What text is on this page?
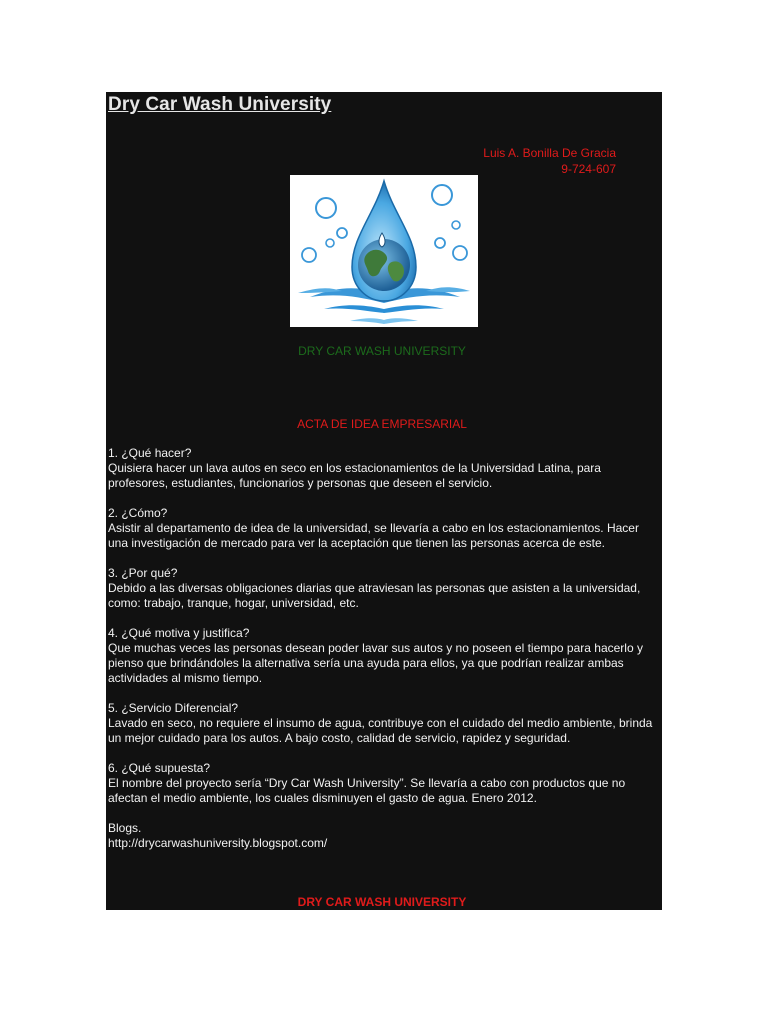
Dry Car Wash University
Luis A. Bonilla De Gracia
9-724-607
DRY CAR WASH UNIVERSITY
ACTA DE IDEA EMPRESARIAL
1. ¿Qué hacer?
Quisiera hacer un lava autos en seco en los estacionamientos de la Universidad Latina, para profesores, estudiantes, funcionarios y personas que deseen el servicio.
2. ¿Cómo?
Asistir al departamento de idea de la universidad, se llevaría a cabo en los estacionamientos. Hacer una investigación de mercado para ver la aceptación que tienen las personas acerca de este.
3. ¿Por qué?
Debido a las diversas obligaciones diarias que atraviesan las personas que asisten a la universidad, como: trabajo, tranque, hogar, universidad, etc.
4. ¿Qué motiva y justifica?
Que muchas veces las personas desean poder lavar sus autos y no poseen el tiempo para hacerlo y pienso que brindándoles la alternativa sería una ayuda para ellos, ya que podrían realizar ambas actividades al mismo tiempo.
5. ¿Servicio Diferencial?
Lavado en seco, no requiere el insumo de agua, contribuye con el cuidado del medio ambiente, brinda un mejor cuidado para los autos. A bajo costo, calidad de servicio, rapidez y seguridad.
6. ¿Qué supuesta?
El nombre del proyecto sería “Dry Car Wash University”. Se llevaría a cabo con productos que no afectan el medio ambiente, los cuales disminuyen el gasto de agua. Enero 2012.
Blogs.
http://drycarwashuniversity.blogspot.com/
DRY CAR WASH UNIVERSITY
